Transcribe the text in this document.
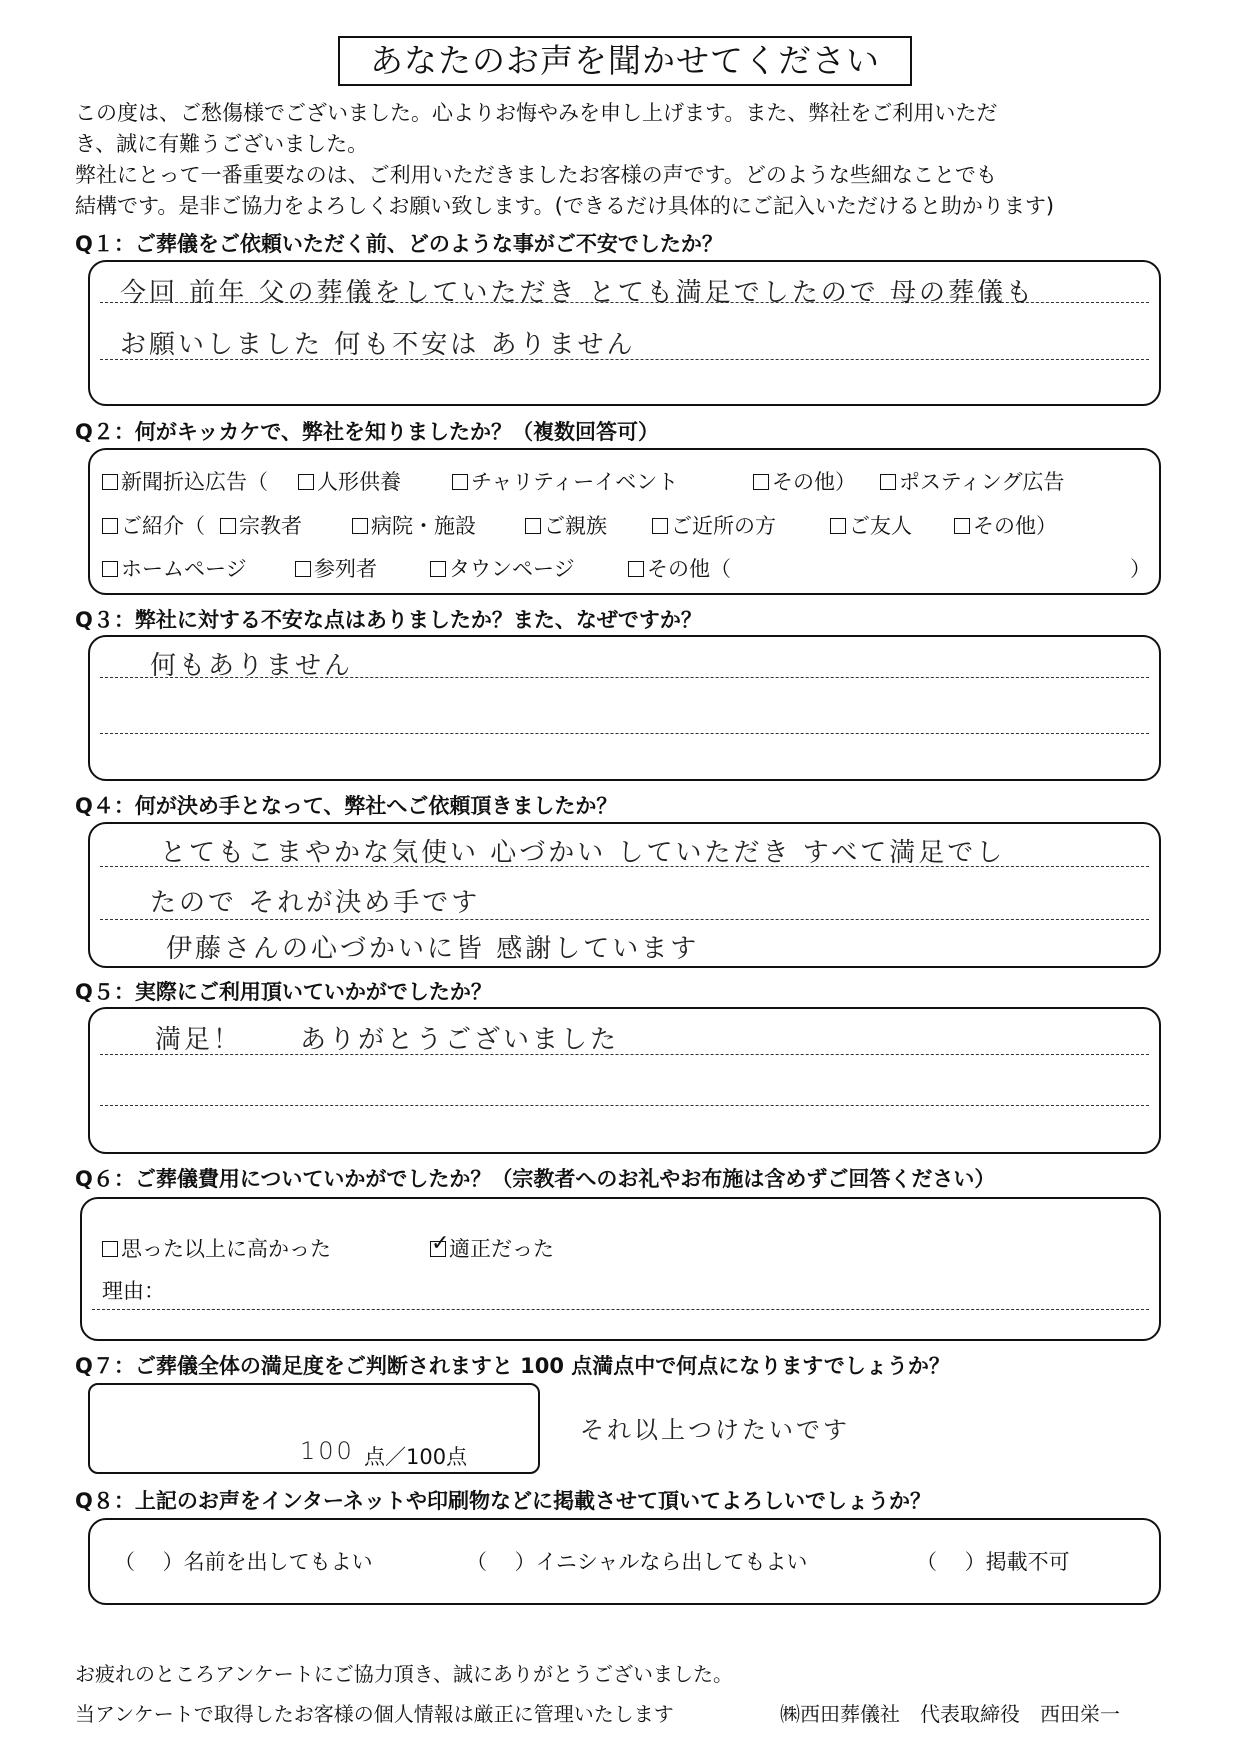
あなたのお声を聞かせてください

この度は、ご愁傷様でございました。心よりお悔やみを申し上げます。また、弊社をご利用いただ

き、誠に有難うございました。

弊社にとって一番重要なのは、ご利用いただきましたお客様の声です。どのような些細なことでも

結構です。是非ご協力をよろしくお願い致します。(できるだけ具体的にご記入いただけると助かります)

Q１：ご葬儀をご依頼いただく前、どのような事がご不安でしたか？
今回 前年 父の葬儀をしていただき とても満足でしたので 母の葬儀も
お願いしました 何も不安は ありません
Q２：何がキッカケで、弊社を知りましたか？（複数回答可）
新聞折込広告（	人形供養	チャリティーイベント	その他）	ポスティング広告
ご紹介（	宗教者	病院・施設	ご親族	ご近所の方	ご友人	その他）
ホームページ	参列者	タウンページ	その他（	）
Q３：弊社に対する不安な点はありましたか？また、なぜですか？
何もありません
Q４：何が決め手となって、弊社へご依頼頂きましたか？
とてもこまやかな気使い 心づかい していただき すべて満足でし
たので それが決め手です
伊藤さんの心づかいに皆 感謝しています
Q５：実際にご利用頂いていかがでしたか？
満足！　　ありがとうございました
Q６：ご葬儀費用についていかがでしたか？（宗教者へのお礼やお布施は含めずご回答ください）
思った以上に高かった
✓	適正だった
理由：
Q７：ご葬儀全体の満足度をご判断されますと 100 点満点中で何点になりますでしょうか？
100 点／100点
それ以上つけたいです
Q８：上記のお声をインターネットや印刷物などに掲載させて頂いてよろしいでしょうか？
（　 ）名前を出してもよい	（　 ）イニシャルなら出してもよい	（　 ）掲載不可
お疲れのところアンケートにご協力頂き、誠にありがとうございました。
当アンケートで取得したお客様の個人情報は厳正に管理いたします	㈱西田葬儀社　代表取締役　西田栄一
